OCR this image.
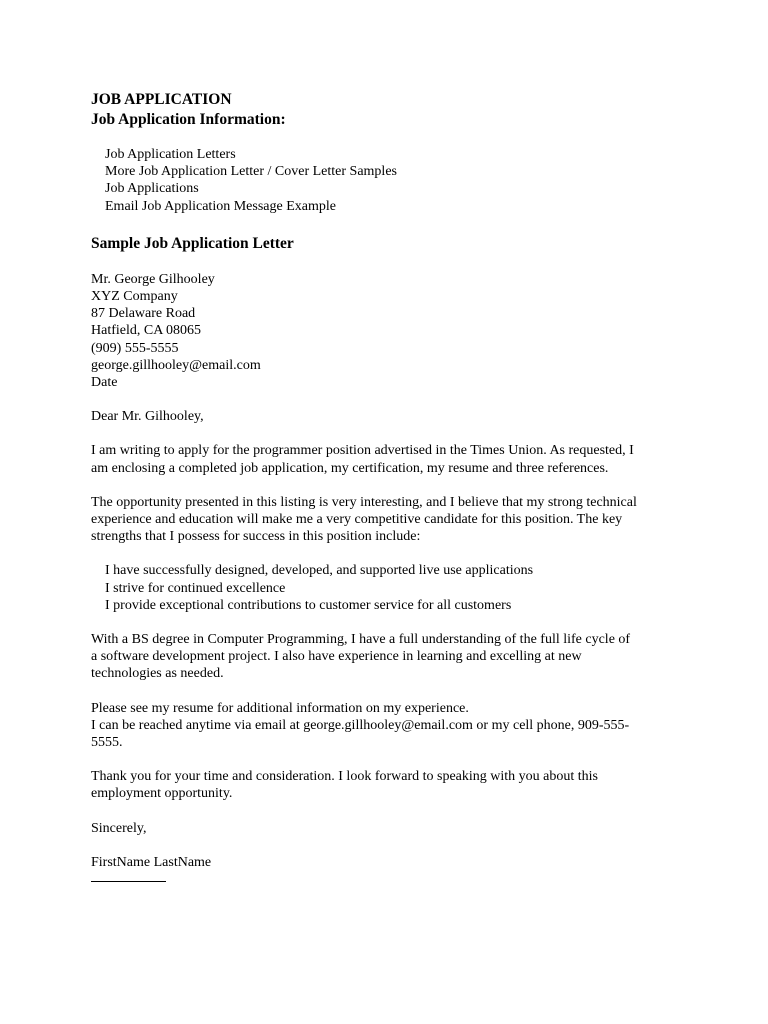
JOB APPLICATION
Job Application Information:
Job Application Letters
More Job Application Letter / Cover Letter Samples
Job Applications
Email Job Application Message Example
Sample Job Application Letter
Mr. George Gilhooley
XYZ Company
87 Delaware Road
Hatfield, CA 08065
(909) 555-5555
george.gillhooley@email.com
Date
Dear Mr. Gilhooley,
I am writing to apply for the programmer position advertised in the Times Union. As requested, I
am enclosing a completed job application, my certification, my resume and three references.
The opportunity presented in this listing is very interesting, and I believe that my strong technical
experience and education will make me a very competitive candidate for this position. The key
strengths that I possess for success in this position include:
I have successfully designed, developed, and supported live use applications
I strive for continued excellence
I provide exceptional contributions to customer service for all customers
With a BS degree in Computer Programming, I have a full understanding of the full life cycle of
a software development project. I also have experience in learning and excelling at new
technologies as needed.
Please see my resume for additional information on my experience.
I can be reached anytime via email at george.gillhooley@email.com or my cell phone, 909-555-
5555.
Thank you for your time and consideration. I look forward to speaking with you about this
employment opportunity.
Sincerely,
FirstName LastName
